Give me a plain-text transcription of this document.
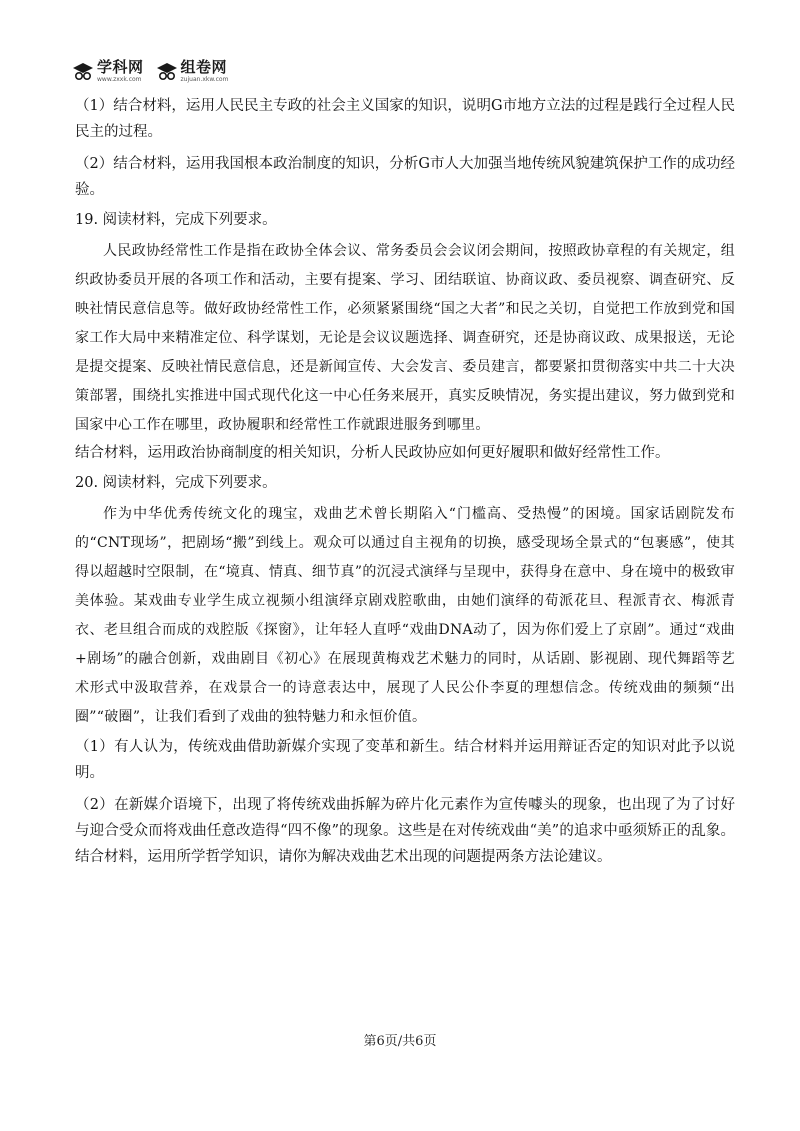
学科网
www.zxxk.com
组卷网
zujuan.xkw.com
（1）结合材料，运用人民民主专政的社会主义国家的知识，说明G市地方立法的过程是践行全过程人民民主的过程。
（2）结合材料，运用我国根本政治制度的知识，分析G市人大加强当地传统风貌建筑保护工作的成功经验。
19. 阅读材料，完成下列要求。
人民政协经常性工作是指在政协全体会议、常务委员会会议闭会期间，按照政协章程的有关规定，组织政协委员开展的各项工作和活动，主要有提案、学习、团结联谊、协商议政、委员视察、调查研究、反映社情民意信息等。做好政协经常性工作，必须紧紧围绕“国之大者”和民之关切，自觉把工作放到党和国家工作大局中来精准定位、科学谋划，无论是会议议题选择、调查研究，还是协商议政、成果报送，无论是提交提案、反映社情民意信息，还是新闻宣传、大会发言、委员建言，都要紧扣贯彻落实中共二十大决策部署，围绕扎实推进中国式现代化这一中心任务来展开，真实反映情况，务实提出建议，努力做到党和国家中心工作在哪里，政协履职和经常性工作就跟进服务到哪里。
结合材料，运用政治协商制度的相关知识，分析人民政协应如何更好履职和做好经常性工作。
20. 阅读材料，完成下列要求。
作为中华优秀传统文化的瑰宝，戏曲艺术曾长期陷入“门槛高、受热慢”的困境。国家话剧院发布的“CNT现场”，把剧场“搬”到线上。观众可以通过自主视角的切换，感受现场全景式的“包裹感”，使其得以超越时空限制，在“境真、情真、细节真”的沉浸式演绎与呈现中，获得身在意中、身在境中的极致审美体验。某戏曲专业学生成立视频小组演绎京剧戏腔歌曲，由她们演绎的荀派花旦、程派青衣、梅派青衣、老旦组合而成的戏腔版《探窗》，让年轻人直呼“戏曲DNA动了，因为你们爱上了京剧”。通过“戏曲+剧场”的融合创新，戏曲剧目《初心》在展现黄梅戏艺术魅力的同时，从话剧、影视剧、现代舞蹈等艺术形式中汲取营养，在戏景合一的诗意表达中，展现了人民公仆李夏的理想信念。传统戏曲的频频“出圈”“破圈”，让我们看到了戏曲的独特魅力和永恒价值。
（1）有人认为，传统戏曲借助新媒介实现了变革和新生。结合材料并运用辩证否定的知识对此予以说明。
（2）在新媒介语境下，出现了将传统戏曲拆解为碎片化元素作为宣传噱头的现象，也出现了为了讨好与迎合受众而将戏曲任意改造得“四不像”的现象。这些是在对传统戏曲“美”的追求中亟须矫正的乱象。结合材料，运用所学哲学知识，请你为解决戏曲艺术出现的问题提两条方法论建议。
第6页/共6页
